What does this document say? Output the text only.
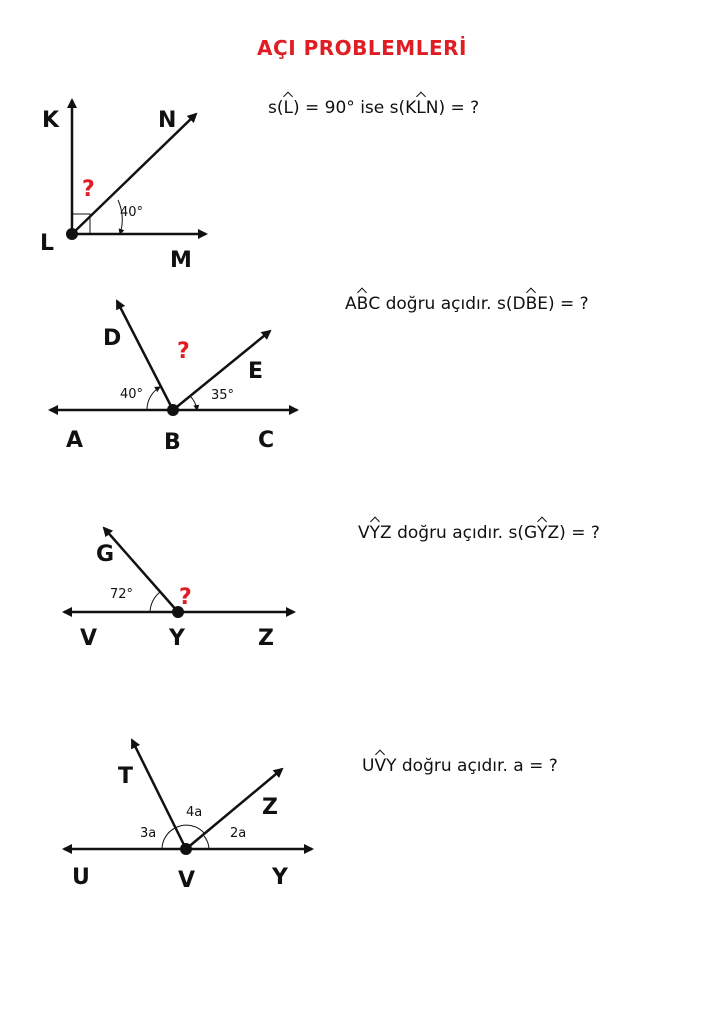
AÇI PROBLEMLERİ
s(L) = 90° ise s(KLN) = ?
ABC doğru açıdır. s(DBE) = ?
VYZ doğru açıdır. s(GYZ) = ?
UVY doğru açıdır. a = ?
K	N
L
M
40°
?
D
E
A	B	C
40°	35°
?
G
V	Y	Z
72° ?
T
Z
U	V	Y
3a
4a
2a
